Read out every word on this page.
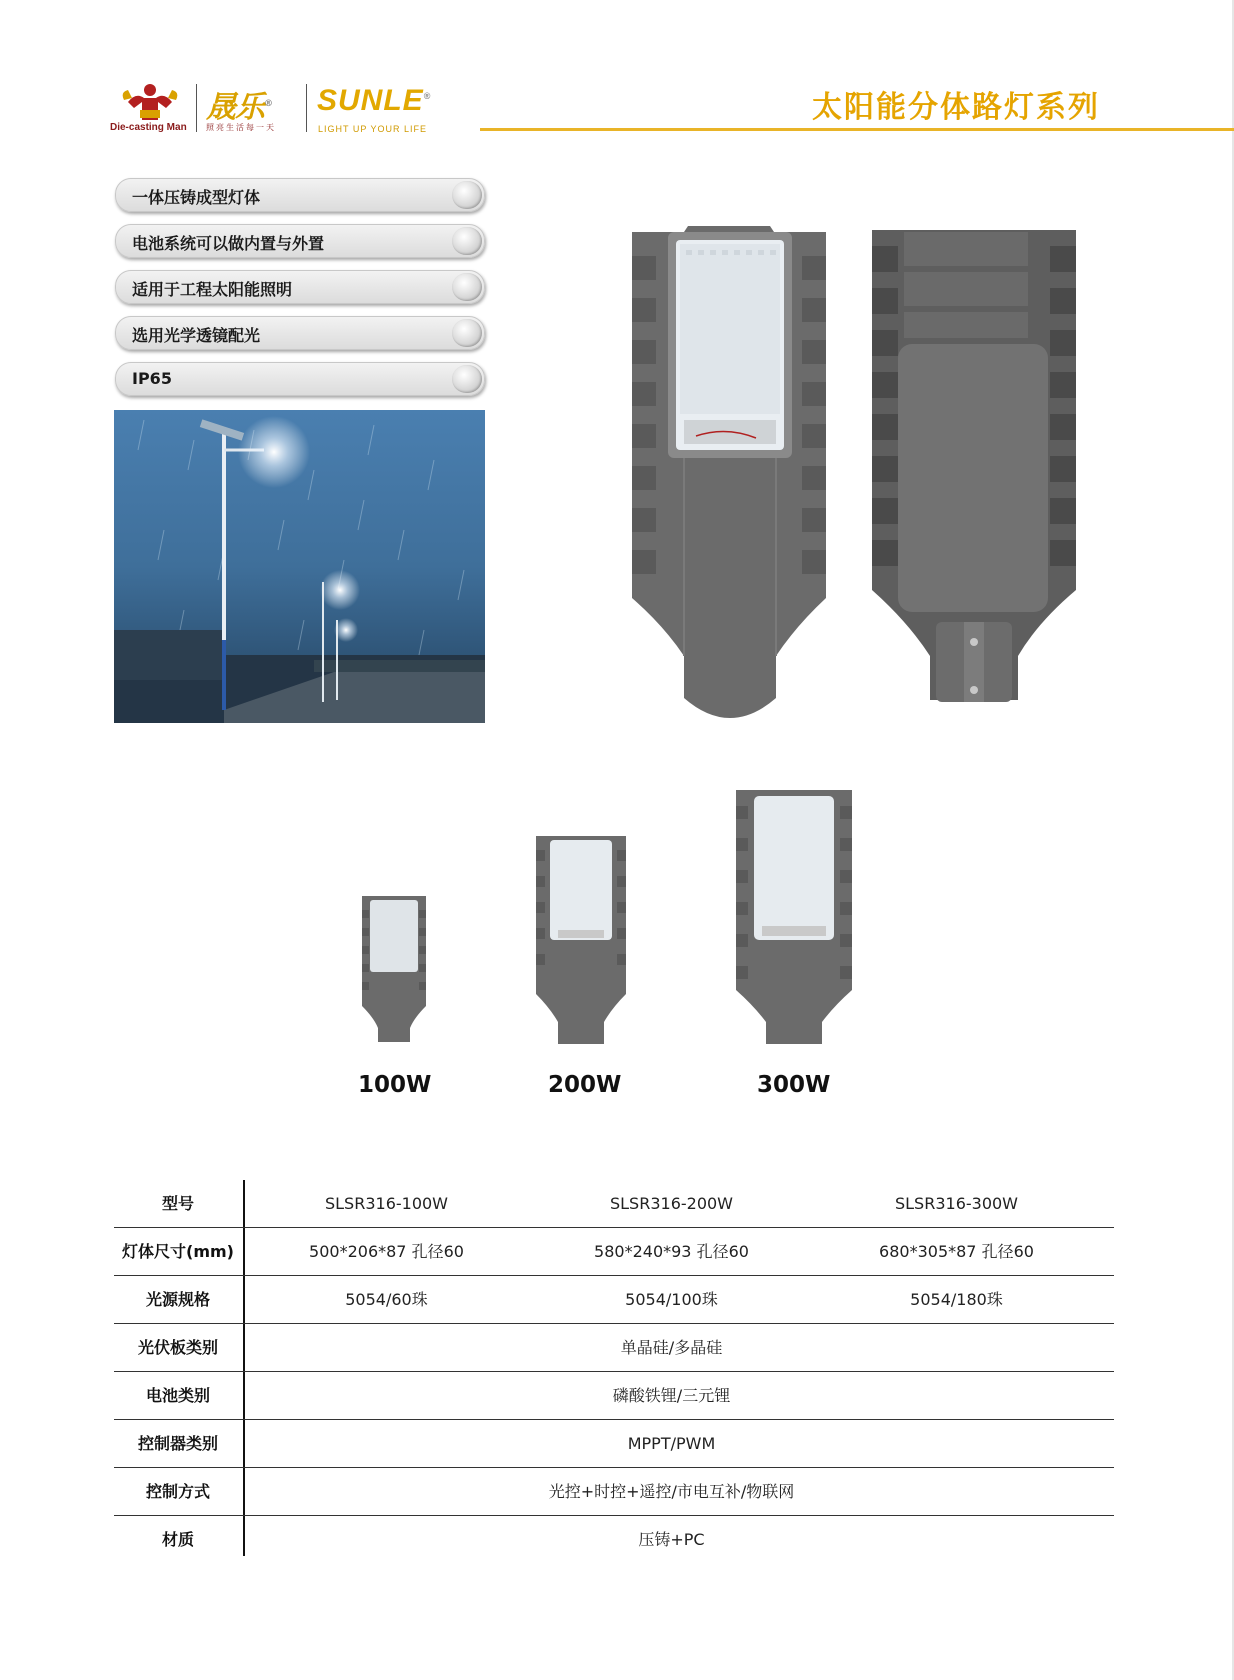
Die-casting Man
晟乐®
照亮生活每一天
SUNLE®
LIGHT UP YOUR LIFE
太阳能分体路灯系列
一体压铸成型灯体
电池系统可以做内置与外置
适用于工程太阳能照明
选用光学透镜配光
IP65
100W	200W	300W
型号	SLSR316-100W	SLSR316-200W	SLSR316-300W
灯体尺寸(mm)	500*206*87 孔径60	580*240*93 孔径60	680*305*87 孔径60
光源规格	5054/60珠	5054/100珠	5054/180珠
光伏板类别	单晶硅/多晶硅
电池类别	磷酸铁锂/三元锂
控制器类别	MPPT/PWM
控制方式	光控+时控+遥控/市电互补/物联网
材质	压铸+PC
